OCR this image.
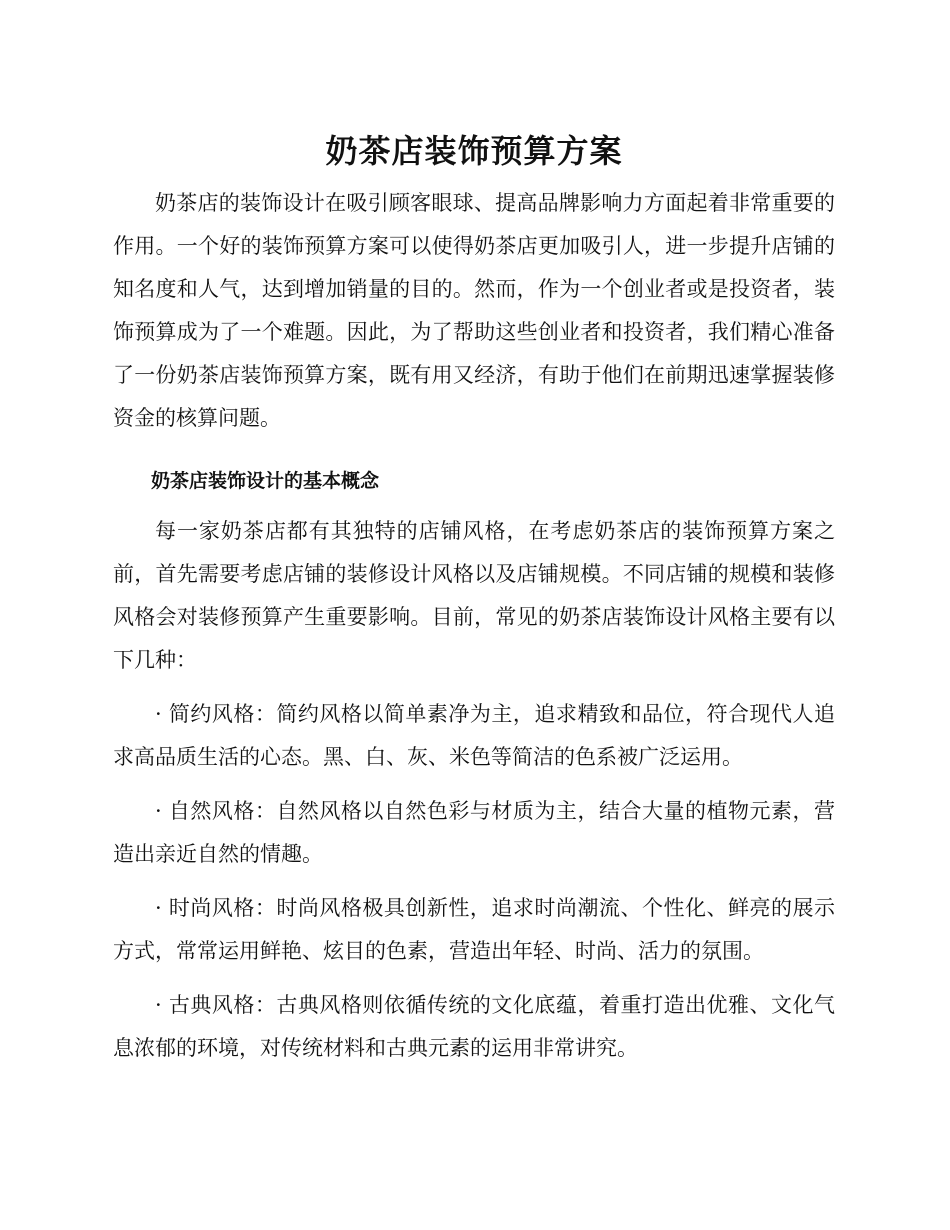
奶茶店装饰预算方案

奶茶店的装饰设计在吸引顾客眼球、提高品牌影响力方面起着非常重要的作用。一个好的装饰预算方案可以使得奶茶店更加吸引人，进一步提升店铺的知名度和人气，达到增加销量的目的。然而，作为一个创业者或是投资者，装饰预算成为了一个难题。因此，为了帮助这些创业者和投资者，我们精心准备了一份奶茶店装饰预算方案，既有用又经济，有助于他们在前期迅速掌握装修资金的核算问题。

奶茶店装饰设计的基本概念

每一家奶茶店都有其独特的店铺风格，在考虑奶茶店的装饰预算方案之前，首先需要考虑店铺的装修设计风格以及店铺规模。不同店铺的规模和装修风格会对装修预算产生重要影响。目前，常见的奶茶店装饰设计风格主要有以下几种：

· 简约风格：简约风格以简单素净为主，追求精致和品位，符合现代人追求高品质生活的心态。黑、白、灰、米色等简洁的色系被广泛运用。

· 自然风格：自然风格以自然色彩与材质为主，结合大量的植物元素，营造出亲近自然的情趣。

· 时尚风格：时尚风格极具创新性，追求时尚潮流、个性化、鲜亮的展示方式，常常运用鲜艳、炫目的色素，营造出年轻、时尚、活力的氛围。

· 古典风格：古典风格则依循传统的文化底蕴，着重打造出优雅、文化气息浓郁的环境，对传统材料和古典元素的运用非常讲究。
